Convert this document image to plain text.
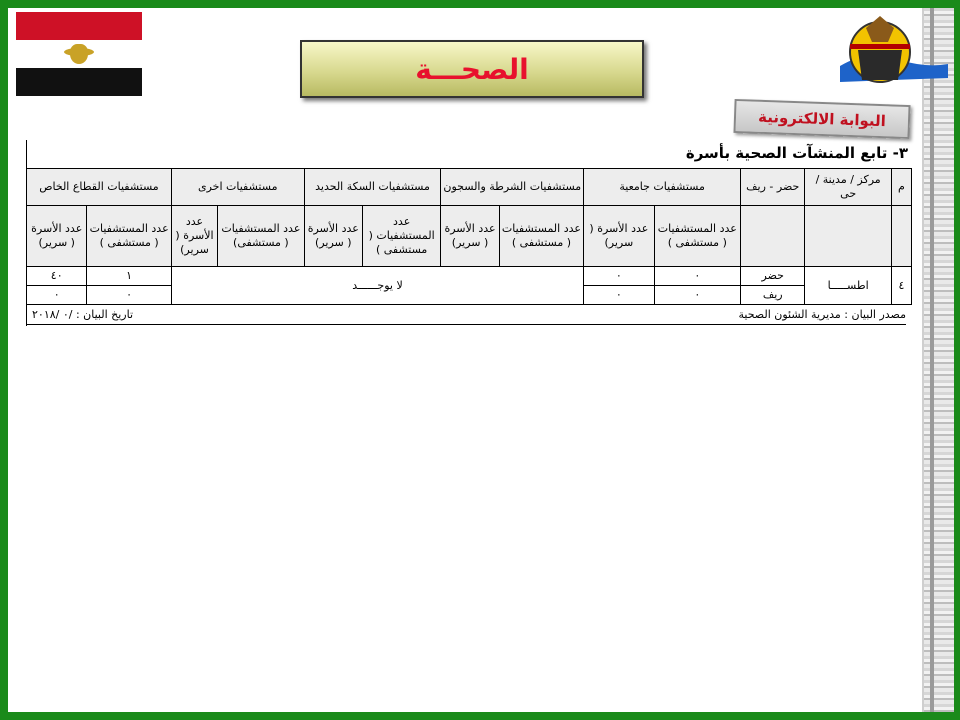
الصحـــة
البوابة الالكترونية
٣- تابع المنشآت الصحية بأسرة
م	مركز / مدينة / حى	حضر - ريف	مستشفيات جامعية		مستشفيات الشرطة والسجون		مستشفيات السكة الحديد		مستشفيات اخرى		مستشفيات القطاع الخاص	
			عدد المستشفيات ( مستشفى )	عدد الأسرة ( سرير)	عدد المستشفيات ( مستشفى )	عدد الأسرة ( سرير)	عدد المستشفيات ( مستشفى )	عدد الأسرة ( سرير)	عدد المستشفيات ( مستشفى)	عدد الأسرة ( سرير)	عدد المستشفيات ( مستشفى )	عدد الأسرة ( سرير)
٤	اطســـــا	حضر	٠	٠	لا يوجــــــد						١	٤٠
		ريف	٠	٠							٠	٠
مصدر البيان : مديرية الشئون الصحية
تاريخ البيان : /٠ /٢٠١٨
